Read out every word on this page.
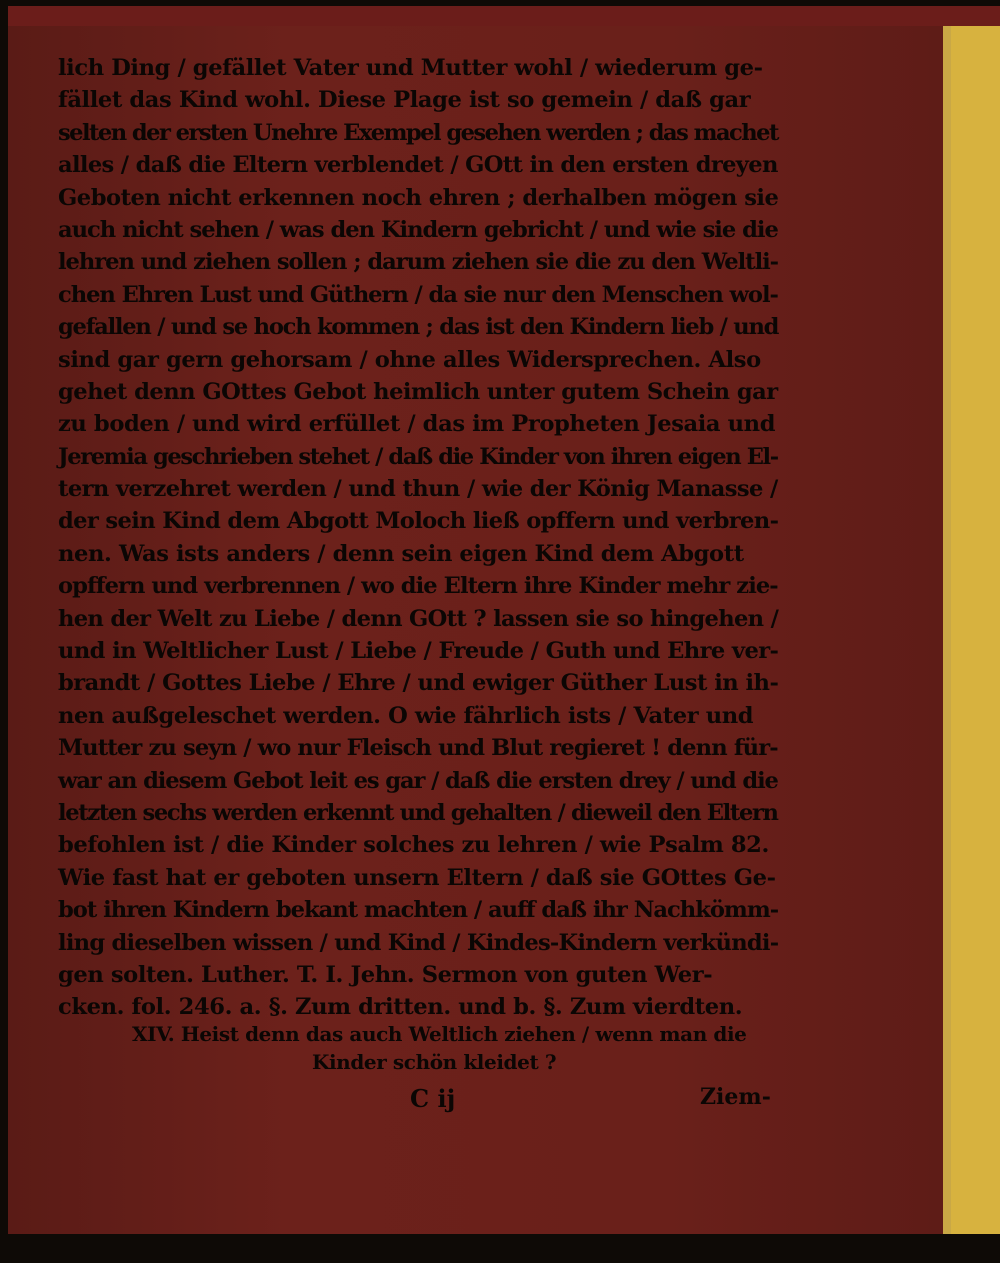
lich Ding / gefället Vater und Mutter wohl / wiederum ge-
fället das Kind wohl. Diese Plage ist so gemein / daß gar
selten der ersten Unehre Exempel gesehen werden ; das machet
alles / daß die Eltern verblendet / GOtt in den ersten dreyen
Geboten nicht erkennen noch ehren ; derhalben mögen sie
auch nicht sehen / was den Kindern gebricht / und wie sie die
lehren und ziehen sollen ; darum ziehen sie die zu den Weltli-
chen Ehren Lust und Güthern / da sie nur den Menschen wol-
gefallen / und se hoch kommen ; das ist den Kindern lieb / und
sind gar gern gehorsam / ohne alles Widersprechen. Also
gehet denn GOttes Gebot heimlich unter gutem Schein gar
zu boden / und wird erfüllet / das im Propheten Jesaia und
Jeremia geschrieben stehet / daß die Kinder von ihren eigen El-
tern verzehret werden / und thun / wie der König Manasse /
der sein Kind dem Abgott Moloch ließ opffern und verbren-
nen. Was ists anders / denn sein eigen Kind dem Abgott
opffern und verbrennen / wo die Eltern ihre Kinder mehr zie-
hen der Welt zu Liebe / denn GOtt ? lassen sie so hingehen /
und in Weltlicher Lust / Liebe / Freude / Guth und Ehre ver-
brandt / Gottes Liebe / Ehre / und ewiger Güther Lust in ih-
nen außgeleschet werden. O wie fährlich ists / Vater und
Mutter zu seyn / wo nur Fleisch und Blut regieret ! denn für-
war an diesem Gebot leit es gar / daß die ersten drey / und die
letzten sechs werden erkennt und gehalten / dieweil den Eltern
befohlen ist / die Kinder solches zu lehren / wie Psalm 82.
Wie fast hat er geboten unsern Eltern / daß sie GOttes Ge-
bot ihren Kindern bekant machten / auff daß ihr Nachkömm-
ling dieselben wissen / und Kind / Kindes-Kindern verkündi-
gen solten. Luther. T. I. Jehn. Sermon von guten Wer-
cken. fol. 246. a. §. Zum dritten. und b. §. Zum vierdten.
XIV. Heist denn das auch Weltlich ziehen / wenn man die
Kinder schön kleidet ?
C ij	Ziem-
